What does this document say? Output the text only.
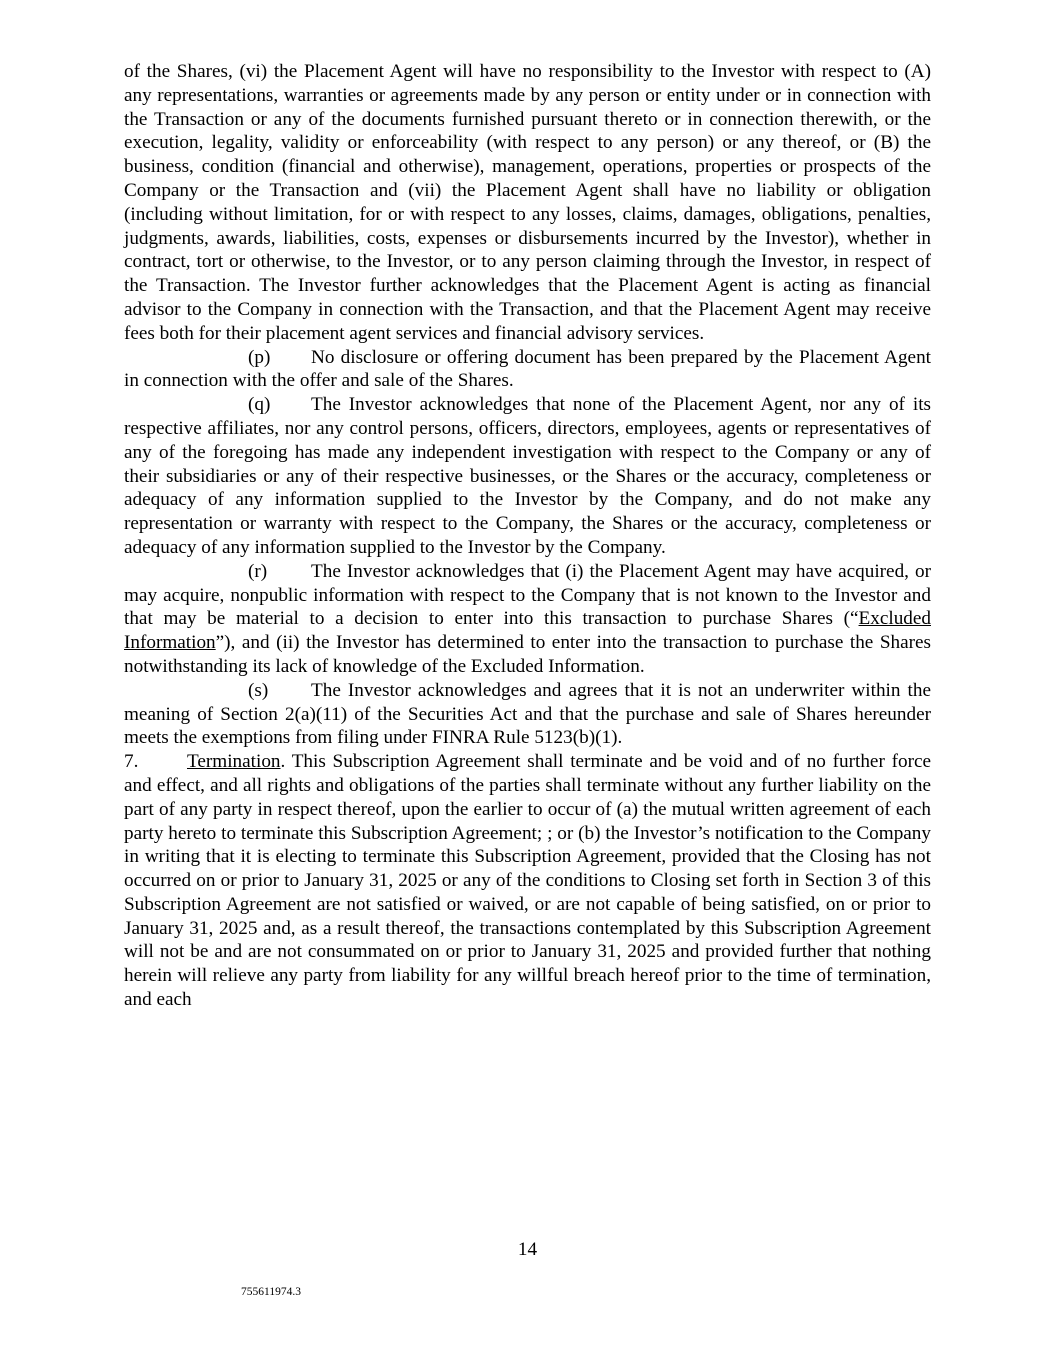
of the Shares, (vi) the Placement Agent will have no responsibility to the Investor with respect to (A) any representations, warranties or agreements made by any person or entity under or in connection with the Transaction or any of the documents furnished pursuant thereto or in connection therewith, or the execution, legality, validity or enforceability (with respect to any person) or any thereof, or (B) the business, condition (financial and otherwise), management, operations, properties or prospects of the Company or the Transaction and (vii) the Placement Agent shall have no liability or obligation (including without limitation, for or with respect to any losses, claims, damages, obligations, penalties, judgments, awards, liabilities, costs, expenses or disbursements incurred by the Investor), whether in contract, tort or otherwise, to the Investor, or to any person claiming through the Investor, in respect of the Transaction. The Investor further acknowledges that the Placement Agent is acting as financial advisor to the Company in connection with the Transaction, and that the Placement Agent may receive fees both for their placement agent services and financial advisory services.

(p) No disclosure or offering document has been prepared by the Placement Agent in connection with the offer and sale of the Shares.

(q) The Investor acknowledges that none of the Placement Agent, nor any of its respective affiliates, nor any control persons, officers, directors, employees, agents or representatives of any of the foregoing has made any independent investigation with respect to the Company or any of their subsidiaries or any of their respective businesses, or the Shares or the accuracy, completeness or adequacy of any information supplied to the Investor by the Company, and do not make any representation or warranty with respect to the Company, the Shares or the accuracy, completeness or adequacy of any information supplied to the Investor by the Company.

(r) The Investor acknowledges that (i) the Placement Agent may have acquired, or may acquire, nonpublic information with respect to the Company that is not known to the Investor and that may be material to a decision to enter into this transaction to purchase Shares (“Excluded Information”), and (ii) the Investor has determined to enter into the transaction to purchase the Shares notwithstanding its lack of knowledge of the Excluded Information.

(s) The Investor acknowledges and agrees that it is not an underwriter within the meaning of Section 2(a)(11) of the Securities Act and that the purchase and sale of Shares hereunder meets the exemptions from filing under FINRA Rule 5123(b)(1).

7.	Termination. This Subscription Agreement shall terminate and be void and of no further force and effect, and all rights and obligations of the parties shall terminate without any further liability on the part of any party in respect thereof, upon the earlier to occur of (a) the mutual written agreement of each party hereto to terminate this Subscription Agreement; ; or (b) the Investor’s notification to the Company in writing that it is electing to terminate this Subscription Agreement, provided that the Closing has not occurred on or prior to January 31, 2025 or any of the conditions to Closing set forth in Section 3 of this Subscription Agreement are not satisfied or waived, or are not capable of being satisfied, on or prior to January 31, 2025 and, as a result thereof, the transactions contemplated by this Subscription Agreement will not be and are not consummated on or prior to January 31, 2025 and provided further that nothing herein will relieve any party from liability for any willful breach hereof prior to the time of termination, and each

14
755611974.3
